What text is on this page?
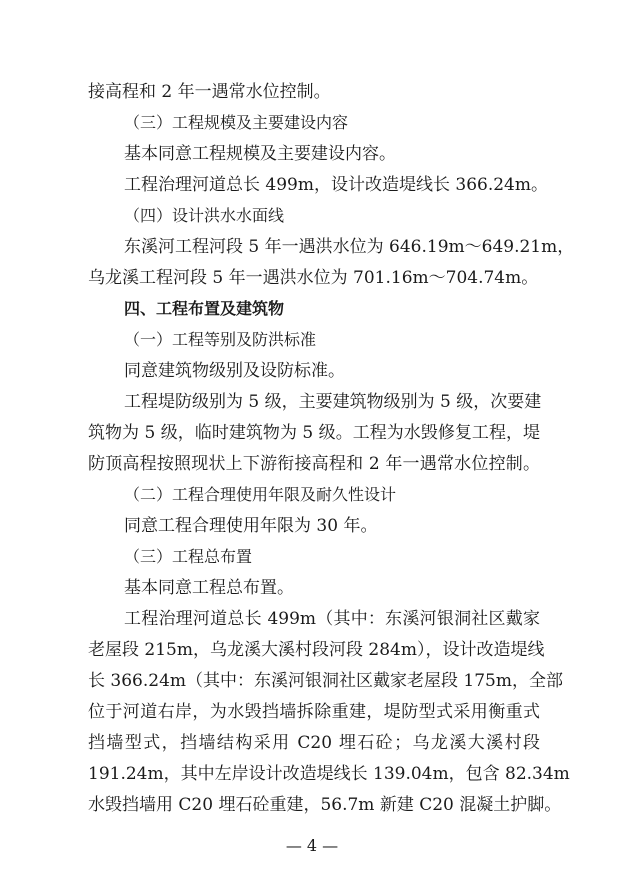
接高程和 2 年一遇常水位控制。
（三）工程规模及主要建设内容
基本同意工程规模及主要建设内容。
工程治理河道总长 499m，设计改造堤线长 366.24m。
（四）设计洪水水面线
东溪河工程河段 5 年一遇洪水位为 646.19m～649.21m，
乌龙溪工程河段 5 年一遇洪水位为 701.16m～704.74m。
四、工程布置及建筑物
（一）工程等别及防洪标准
同意建筑物级别及设防标准。
工程堤防级别为 5 级，主要建筑物级别为 5 级，次要建
筑物为 5 级，临时建筑物为 5 级。工程为水毁修复工程，堤
防顶高程按照现状上下游衔接高程和 2 年一遇常水位控制。
（二）工程合理使用年限及耐久性设计
同意工程合理使用年限为 30 年。
（三）工程总布置
基本同意工程总布置。
工程治理河道总长 499m（其中：东溪河银洞社区戴家
老屋段 215m，乌龙溪大溪村段河段 284m），设计改造堤线
长 366.24m（其中：东溪河银洞社区戴家老屋段 175m，全部
位于河道右岸，为水毁挡墙拆除重建，堤防型式采用衡重式
挡墙型式，挡墙结构采用 C20 埋石砼；乌龙溪大溪村段
191.24m，其中左岸设计改造堤线长 139.04m，包含 82.34m
水毁挡墙用 C20 埋石砼重建，56.7m 新建 C20 混凝土护脚。
— 4 —
